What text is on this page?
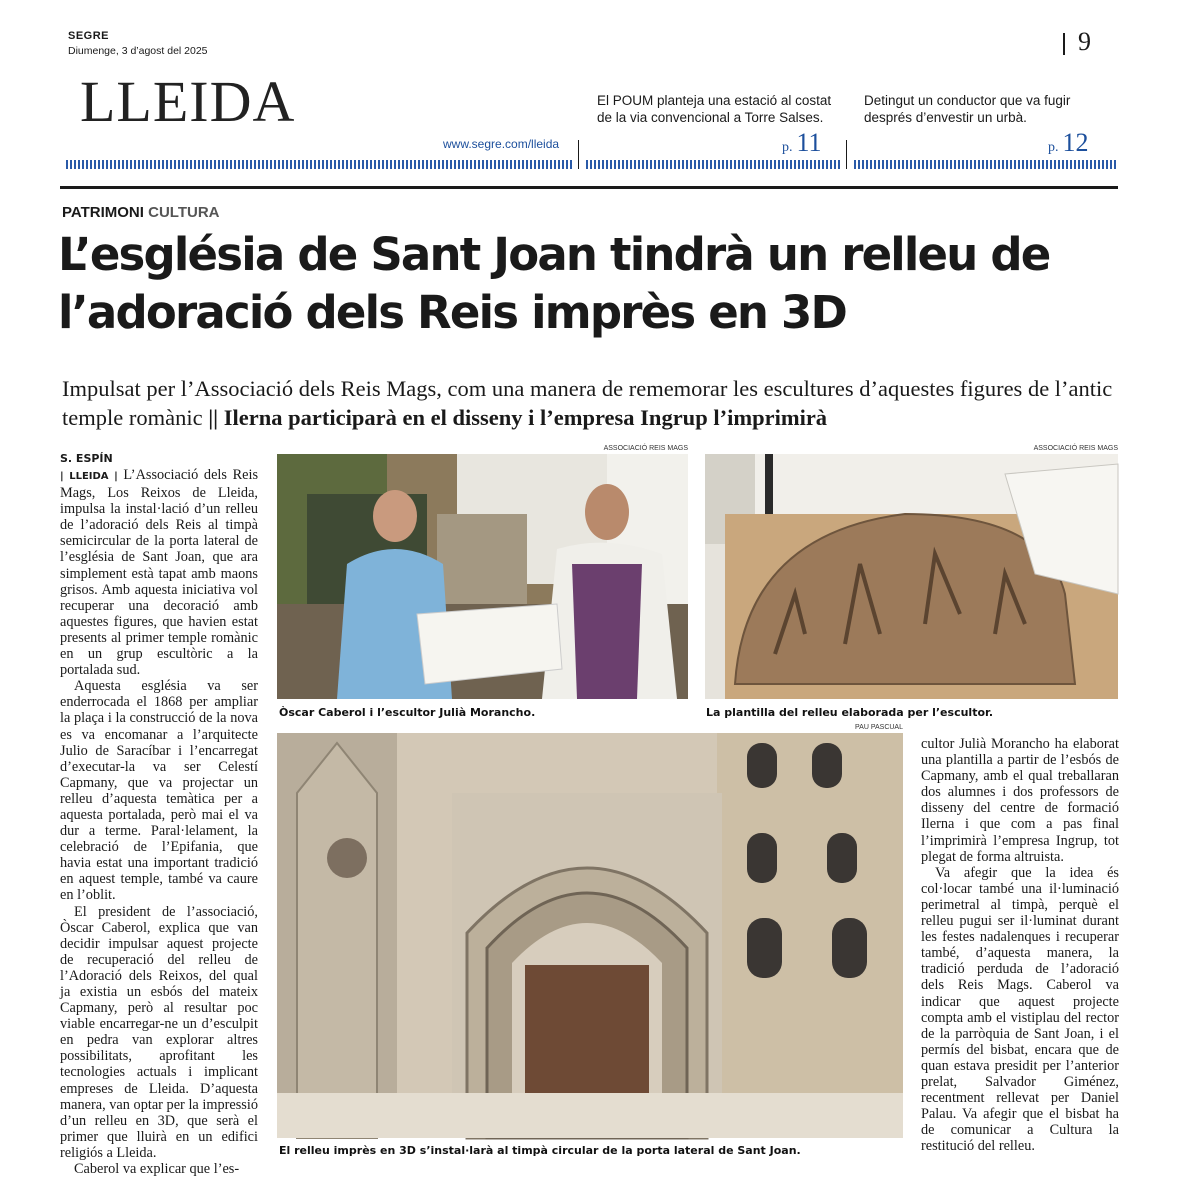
SEGRE
Diumenge, 3 d’agost del 2025	9
LLEIDA
www.segre.com/lleida
El POUM planteja una estació al costat de la via convencional a Torre Salses.
p. 11
Detingut un conductor que va fugir després d’envestir un urbà.
p. 12
PATRIMONI CULTURA
L’església de Sant Joan tindrà un relleu de l’adoració dels Reis imprès en 3D
Impulsat per l’Associació dels Reis Mags, com una manera de rememorar les escultures d’aquestes figures de l’antic temple romànic || Ilerna participarà en el disseny i l’empresa Ingrup l’imprimirà
S. ESPÍN

| LLEIDA | L’Associació dels Reis Mags, Los Reixos de Lleida, impulsa la instal·lació d’un relleu de l’adoració dels Reis al timpà semicircular de la porta lateral de l’església de Sant Joan, que ara simplement està tapat amb maons grisos. Amb aquesta iniciativa vol recuperar una decoració amb aquestes figures, que havien estat presents al primer temple romànic en un grup escultòric a la portalada sud.

Aquesta església va ser enderrocada el 1868 per ampliar la plaça i la construcció de la nova es va encomanar a l’arquitecte Julio de Saracíbar i l’encarregat d’executar-la va ser Celestí Capmany, que va projectar un relleu d’aquesta temàtica per a aquesta portalada, però mai el va dur a terme. Paral·lelament, la celebració de l’Epifania, que havia estat una important tradició en aquest temple, també va caure en l’oblit.

El president de l’associació, Òscar Caberol, explica que van decidir impulsar aquest projecte de recuperació del relleu de l’Adoració dels Reixos, del qual ja existia un esbós del mateix Capmany, però al resultar poc viable encarregar-ne un d’esculpit en pedra van explorar altres possibilitats, aprofitant les tecnologies actuals i implicant empreses de Lleida. D’aquesta manera, van optar per la impressió d’un relleu en 3D, que serà el primer que lluirà en un edifici religiós a Lleida.

Caberol va explicar que l’es-

ASSOCIACIÓ REIS MAGS
Òscar Caberol i l’escultor Julià Morancho.
ASSOCIACIÓ REIS MAGS
La plantilla del relleu elaborada per l’escultor.
PAU PASCUAL
El relleu imprès en 3D s’instal·larà al timpà circular de la porta lateral de Sant Joan.

cultor Julià Morancho ha elaborat una plantilla a partir de l’esbós de Capmany, amb el qual treballaran dos alumnes i dos professors de disseny del centre de formació Ilerna i que com a pas final l’imprimirà l’empresa Ingrup, tot plegat de forma altruista.

Va afegir que la idea és col·locar també una il·luminació perimetral al timpà, perquè el relleu pugui ser il·luminat durant les festes nadalenques i recuperar també, d’aquesta manera, la tradició perduda de l’adoració dels Reis Mags. Caberol va indicar que aquest projecte compta amb el vistiplau del rector de la parròquia de Sant Joan, i el permís del bisbat, encara que de quan estava presidit per l’anterior prelat, Salvador Giménez, recentment rellevat per Daniel Palau. Va afegir que el bisbat ha de comunicar a Cultura la restitució del relleu.
